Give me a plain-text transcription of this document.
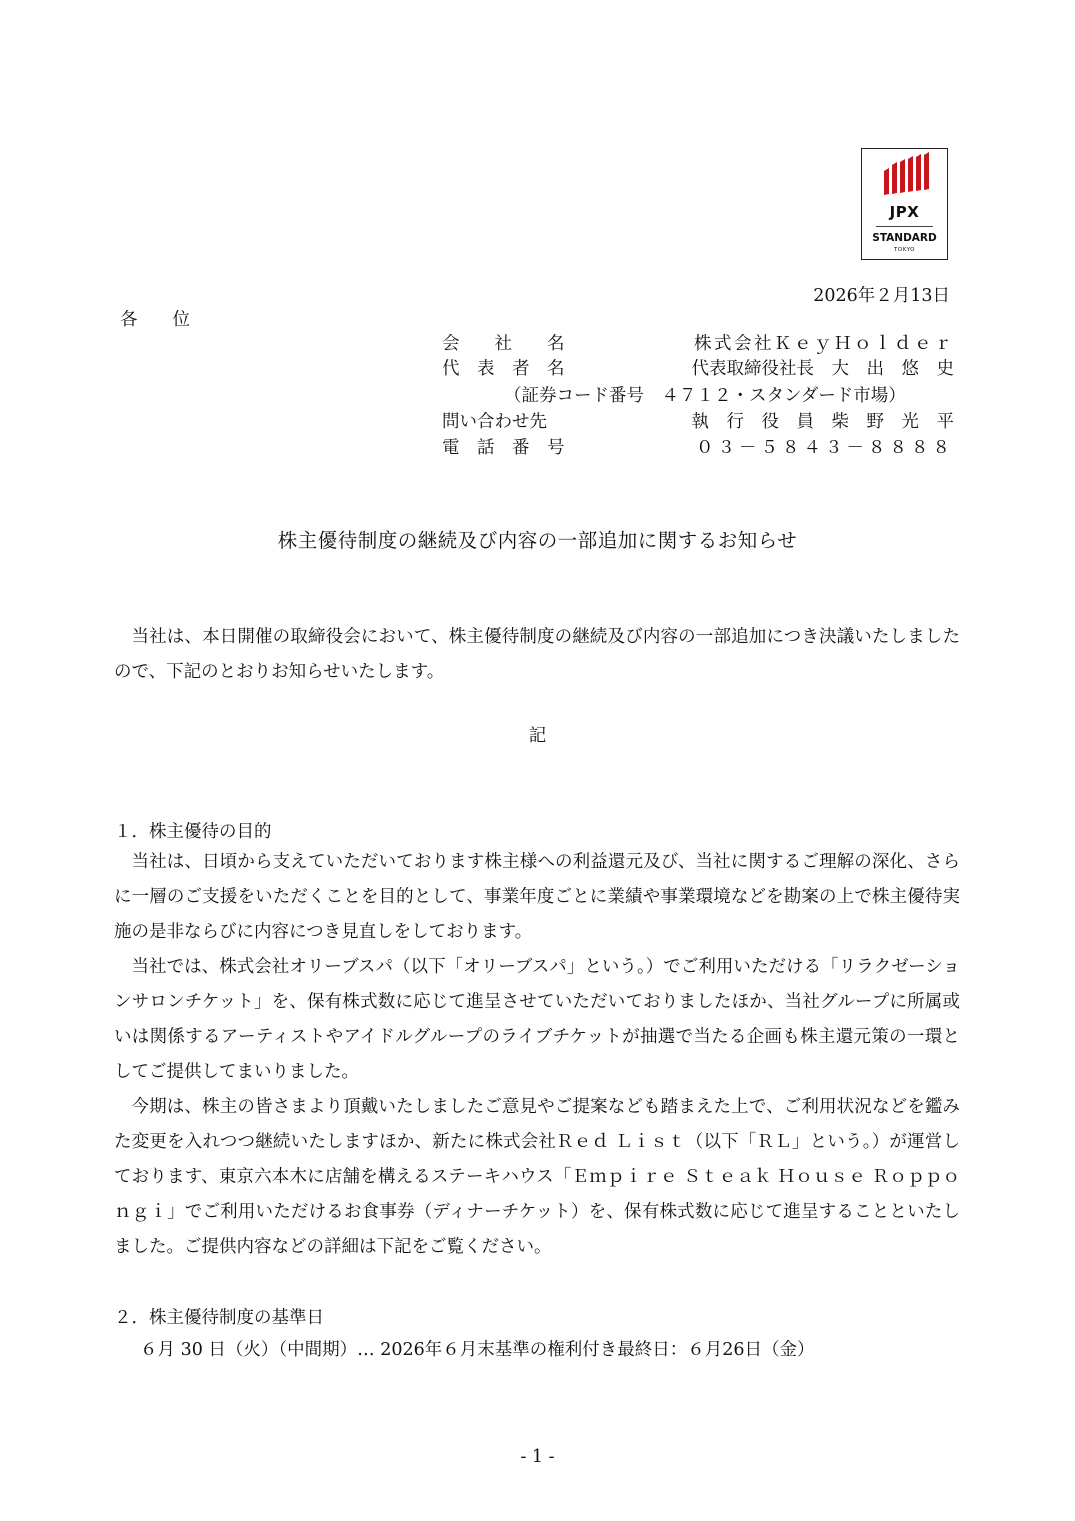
JPX
STANDARD
TOKYO
2026年２月13日
各　　位
会　　社　　名	株式会社ＫｅｙＨｏｌｄｅｒ
代　表　者　名	代表取締役社長　大　出　悠　史
（証券コード番号　４７１２・スタンダード市場）
問い合わせ先	執　行　役　員　柴　野　光　平
電　話　番　号	０３－５８４３－８８８８
株主優待制度の継続及び内容の一部追加に関するお知らせ

当社は、本日開催の取締役会において、株主優待制度の継続及び内容の一部追加につき決議いたしましたので、下記のとおりお知らせいたします。

記
１．株主優待の目的

当社は、日頃から支えていただいております株主様への利益還元及び、当社に関するご理解の深化、さらに一層のご支援をいただくことを目的として、事業年度ごとに業績や事業環境などを勘案の上で株主優待実施の是非ならびに内容につき見直しをしております。

当社では、株式会社オリーブスパ（以下「オリーブスパ」という。）でご利用いただける「リラクゼーションサロンチケット」を、保有株式数に応じて進呈させていただいておりましたほか、当社グループに所属或いは関係するアーティストやアイドルグループのライブチケットが抽選で当たる企画も株主還元策の一環としてご提供してまいりました。

今期は、株主の皆さまより頂戴いたしましたご意見やご提案なども踏まえた上で、ご利用状況などを鑑みた変更を入れつつ継続いたしますほか、新たに株式会社Ｒｅｄ Ｌｉｓｔ（以下「ＲＬ」という。）が運営しております、東京六本木に店舗を構えるステーキハウス「Ｅｍｐｉｒｅ Ｓｔｅａｋ Ｈｏｕｓｅ Ｒｏｐｐｏｎｇｉ」でご利用いただけるお食事券（ディナーチケット）を、保有株式数に応じて進呈することといたしました。ご提供内容などの詳細は下記をご覧ください。

２．株主優待制度の基準日
６月 30 日（火）（中間期）… 2026年６月末基準の権利付き最終日：６月26日（金）
- 1 -
